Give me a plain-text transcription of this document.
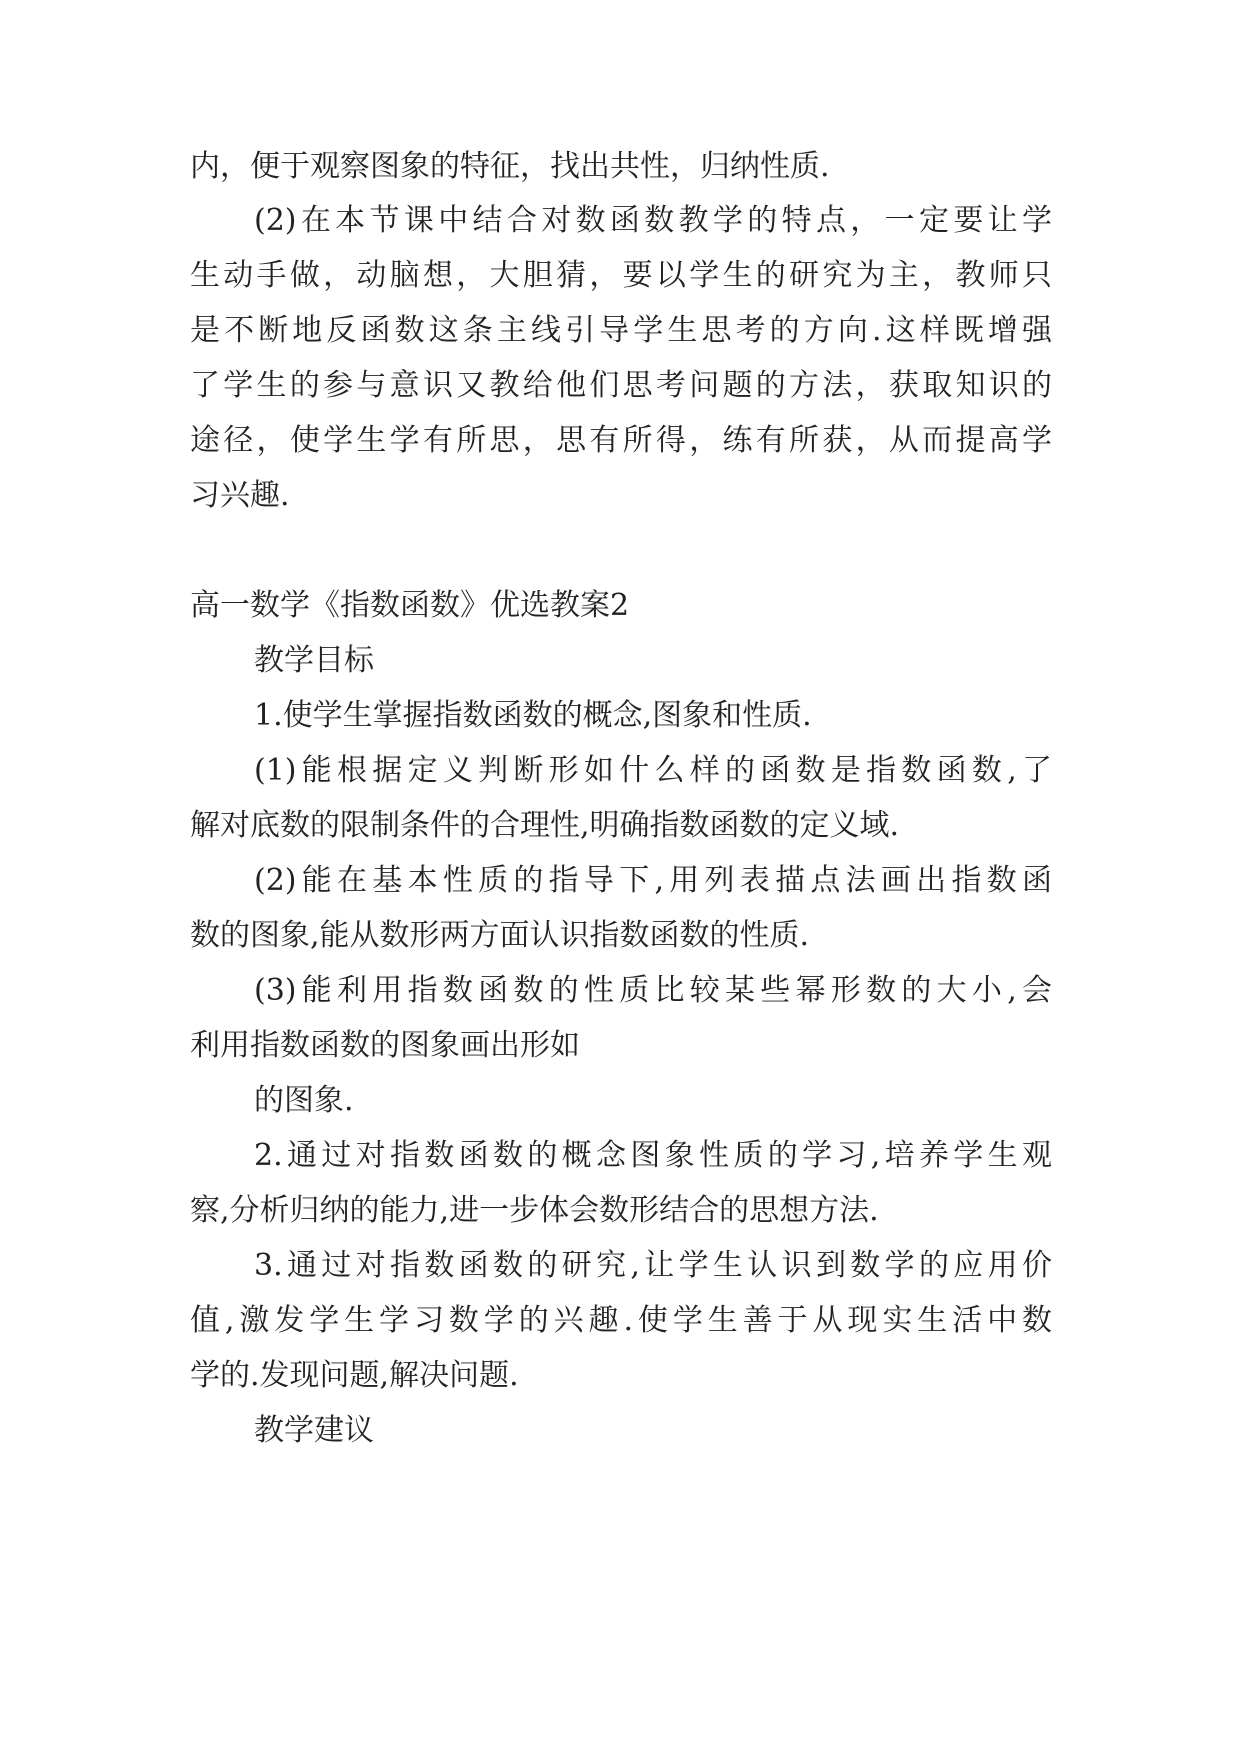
内，便于观察图象的特征，找出共性，归纳性质.
(2)在本节课中结合对数函数教学的特点，一定要让学
生动手做，动脑想，大胆猜，要以学生的研究为主，教师只
是不断地反函数这条主线引导学生思考的方向.这样既增强
了学生的参与意识又教给他们思考问题的方法，获取知识的
途径，使学生学有所思，思有所得，练有所获，从而提高学
习兴趣.
高一数学《指数函数》优选教案2
教学目标
1.使学生掌握指数函数的概念,图象和性质.
(1)能根据定义判断形如什么样的函数是指数函数,了
解对底数的限制条件的合理性,明确指数函数的定义域.
(2)能在基本性质的指导下,用列表描点法画出指数函
数的图象,能从数形两方面认识指数函数的性质.
(3)能利用指数函数的性质比较某些幂形数的大小,会
利用指数函数的图象画出形如
的图象.
2.通过对指数函数的概念图象性质的学习,培养学生观
察,分析归纳的能力,进一步体会数形结合的思想方法.
3.通过对指数函数的研究,让学生认识到数学的应用价
值,激发学生学习数学的兴趣.使学生善于从现实生活中数
学的.发现问题,解决问题.
教学建议
